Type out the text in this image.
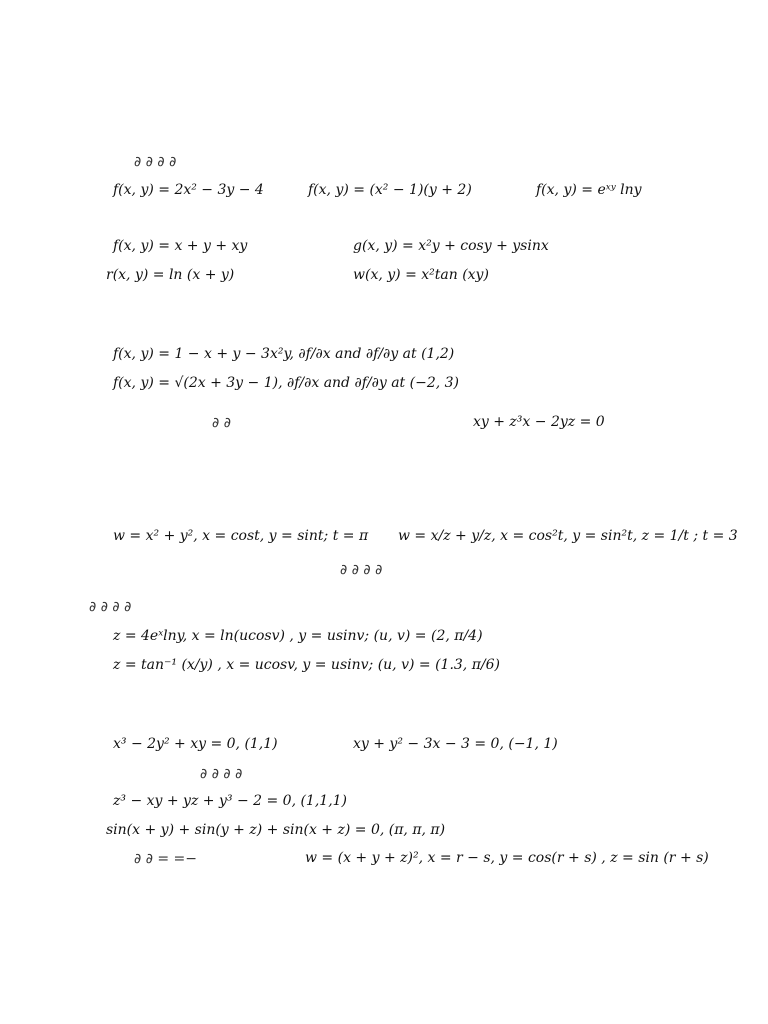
∂ ∂ ∂ ∂
f(x, y) = 2x² − 3y − 4	f(x, y) = (x² − 1)(y + 2)	f(x, y) = eˣʸ lny
f(x, y) = x + y + xy	g(x, y) = x²y + cosy + ysinx
r(x, y) = ln (x + y)	w(x, y) = x²tan (xy)
f(x, y) = 1 − x + y − 3x²y, ∂f/∂x and ∂f/∂y at (1,2)
f(x, y) = √(2x + 3y − 1), ∂f/∂x and ∂f/∂y at (−2, 3)
∂ ∂	xy + z³x − 2yz = 0
w = x² + y², x = cost, y = sint; t = π w = x/z + y/z, x = cos²t, y = sin²t, z = 1/t ; t = 3
∂ ∂ ∂ ∂
∂ ∂ ∂ ∂
z = 4eˣlny, x = ln(ucosv) , y = usinv; (u, v) = (2, π/4)
z = tan⁻¹ (x/y) , x = ucosv, y = usinv; (u, v) = (1.3, π/6)
x³ − 2y² + xy = 0, (1,1)	xy + y² − 3x − 3 = 0, (−1, 1)
∂ ∂ ∂ ∂
z³ − xy + yz + y³ − 2 = 0, (1,1,1)
sin(x + y) + sin(y + z) + sin(x + z) = 0, (π, π, π)
∂ ∂ = =−	w = (x + y + z)², x = r − s, y = cos(r + s) , z = sin (r + s)
